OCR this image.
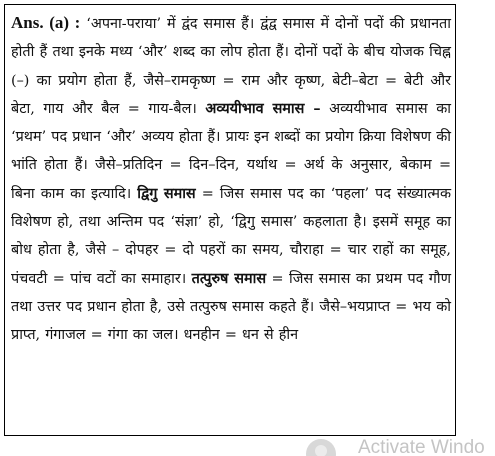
Ans. (a) : ‘अपना-पराया’ में द्वंद समास हैं। द्वंद्व समास में दोनों पदों की प्रधानता होती हैं तथा इनके मध्य ‘और’ शब्द का लोप होता हैं। दोनों पदों के बीच योजक चिह्न (–) का प्रयोग होता हैं, जैसे–रामकृष्ण = राम और कृष्ण, बेटी–बेटा = बेटी और बेटा, गाय और बैल = गाय-बैल। अव्ययीभाव समास – अव्ययीभाव समास का ‘प्रथम’ पद प्रधान ‘और’ अव्यय होता हैं। प्रायः इन शब्दों का प्रयोग क्रिया विशेषण की भांति होता हैं। जैसे–प्रतिदिन = दिन–दिन, यर्थाथ = अर्थ के अनुसार, बेकाम = बिना काम का इत्यादि। द्विगु समास = जिस समास पद का ‘पहला’ पद संख्यात्मक विशेषण हो, तथा अन्तिम पद ‘संज्ञा’ हो, ‘द्विगु समास’ कहलाता है। इसमें समूह का बोध होता है, जैसे – दोपहर = दो पहरों का समय, चौराहा = चार राहों का समूह, पंचवटी = पांच वटों का समाहार। तत्पुरुष समास = जिस समास का प्रथम पद गौण तथा उत्तर पद प्रधान होता है, उसे तत्पुरुष समास कहते हैं। जैसे–भयप्राप्त = भय को प्राप्त, गंगाजल = गंगा का जल। धनहीन = धन से हीन

Activate Windo
